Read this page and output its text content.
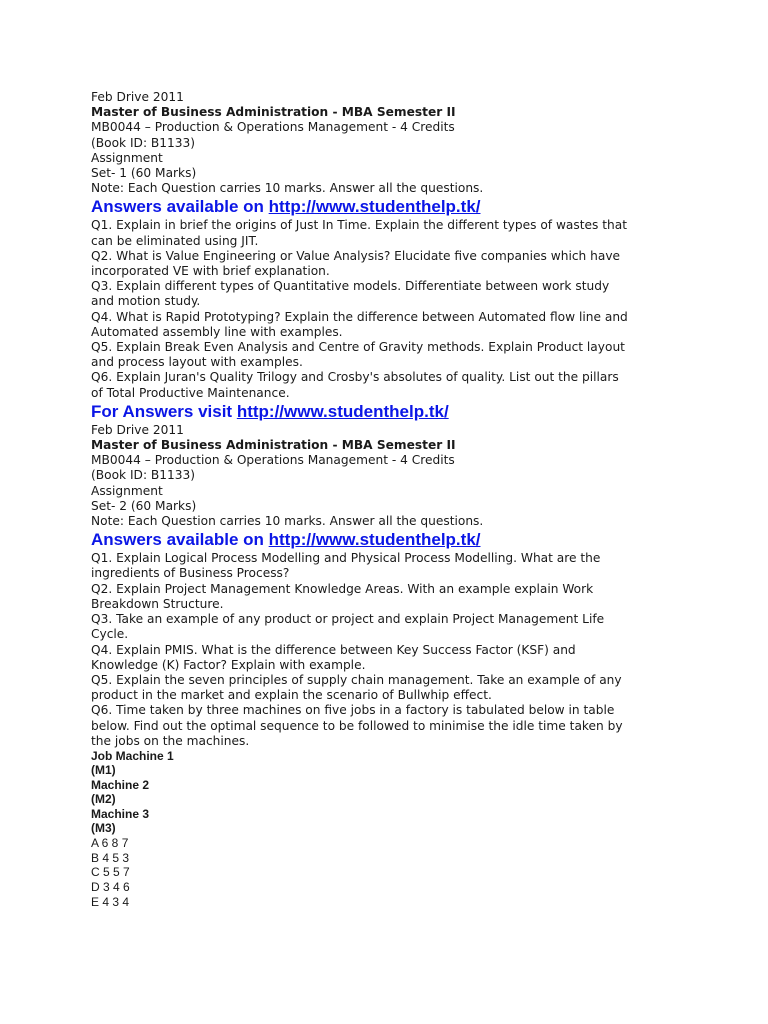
Feb Drive 2011

Master of Business Administration - MBA Semester II

MB0044 – Production & Operations Management - 4 Credits

(Book ID: B1133)

Assignment

Set- 1 (60 Marks)

Note: Each Question carries 10 marks. Answer all the questions.

Answers available on http://www.studenthelp.tk/

Q1. Explain in brief the origins of Just In Time. Explain the different types of wastes that can be eliminated using JIT.

Q2. What is Value Engineering or Value Analysis? Elucidate five companies which have incorporated VE with brief explanation.

Q3. Explain different types of Quantitative models. Differentiate between work study and motion study.

Q4. What is Rapid Prototyping? Explain the difference between Automated flow line and Automated assembly line with examples.

Q5. Explain Break Even Analysis and Centre of Gravity methods. Explain Product layout and process layout with examples.

Q6. Explain Juran's Quality Trilogy and Crosby's absolutes of quality. List out the pillars of Total Productive Maintenance.

For Answers visit http://www.studenthelp.tk/

Feb Drive 2011

Master of Business Administration - MBA Semester II

MB0044 – Production & Operations Management - 4 Credits

(Book ID: B1133)

Assignment

Set- 2 (60 Marks)

Note: Each Question carries 10 marks. Answer all the questions.

Answers available on http://www.studenthelp.tk/

Q1. Explain Logical Process Modelling and Physical Process Modelling. What are the ingredients of Business Process?

Q2. Explain Project Management Knowledge Areas. With an example explain Work Breakdown Structure.

Q3. Take an example of any product or project and explain Project Management Life Cycle.

Q4. Explain PMIS. What is the difference between Key Success Factor (KSF) and Knowledge (K) Factor? Explain with example.

Q5. Explain the seven principles of supply chain management. Take an example of any product in the market and explain the scenario of Bullwhip effect.

Q6. Time taken by three machines on five jobs in a factory is tabulated below in table below. Find out the optimal sequence to be followed to minimise the idle time taken by the jobs on the machines.

Job Machine 1

(M1)

Machine 2

(M2)

Machine 3

(M3)

A 6 8 7

B 4 5 3

C 5 5 7

D 3 4 6

E 4 3 4
